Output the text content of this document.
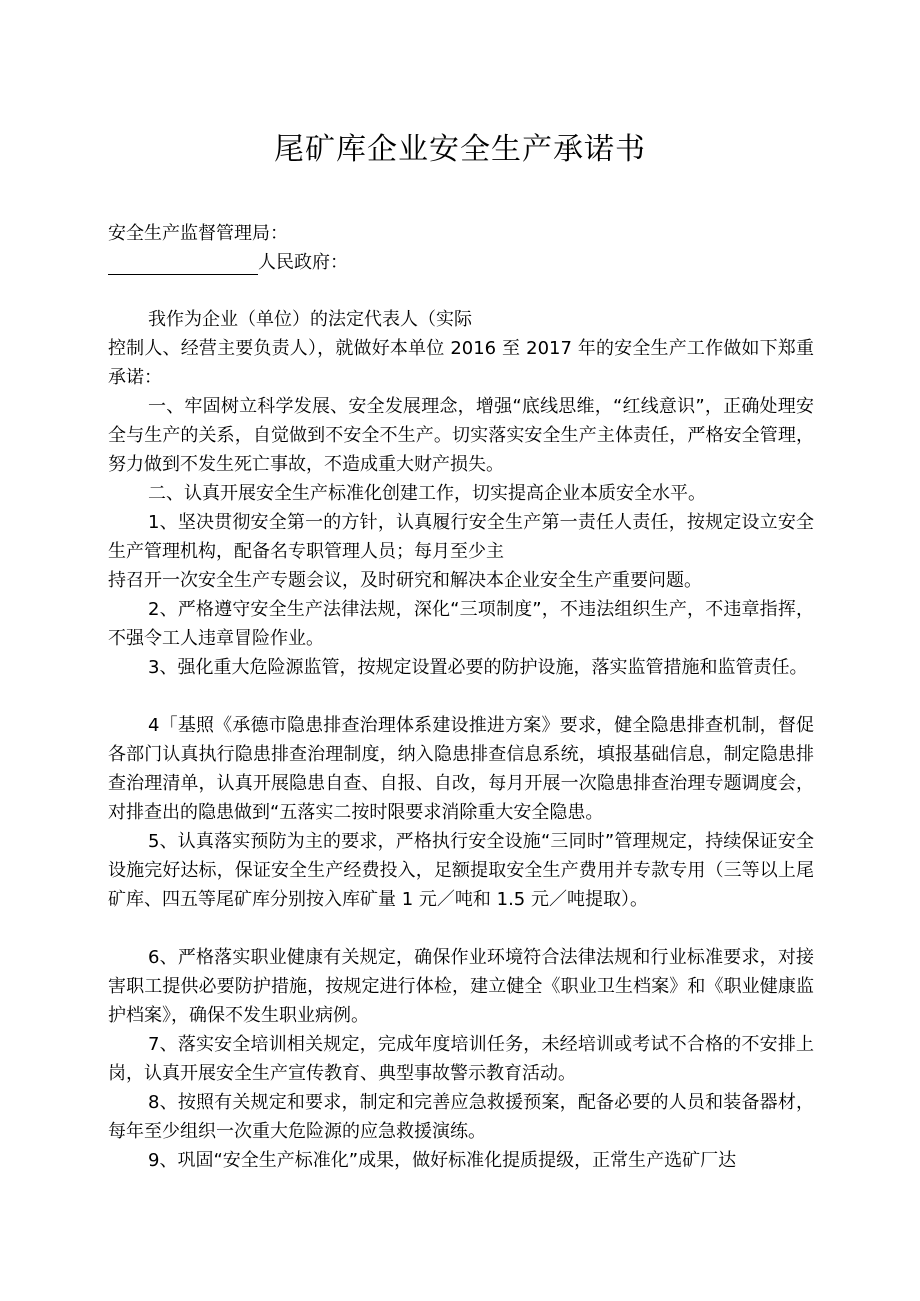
尾矿库企业安全生产承诺书
安全生产监督管理局：
人民政府：
我作为企业（单位）的法定代表人（实际
控制人、经营主要负责人），就做好本单位 2016 至 2017 年的安全生产工作做如下郑重承诺：
一、牢固树立科学发展、安全发展理念，增强“底线思维，“红线意识”，正确处理安全与生产的关系，自觉做到不安全不生产。切实落实安全生产主体责任，严格安全管理，努力做到不发生死亡事故，不造成重大财产损失。
二、认真开展安全生产标准化创建工作，切实提高企业本质安全水平。
1、坚决贯彻安全第一的方针，认真履行安全生产第一责任人责任，按规定设立安全生产管理机构，配备名专职管理人员；每月至少主
持召开一次安全生产专题会议，及时研究和解决本企业安全生产重要问题。
2、严格遵守安全生产法律法规，深化“三项制度”，不违法组织生产，不违章指挥，不强令工人违章冒险作业。
3、强化重大危险源监管，按规定设置必要的防护设施，落实监管措施和监管责任。
4「基照《承德市隐患排查治理体系建设推进方案》要求，健全隐患排查机制，督促各部门认真执行隐患排查治理制度，纳入隐患排查信息系统，填报基础信息，制定隐患排查治理清单，认真开展隐患自查、自报、自改，每月开展一次隐患排查治理专题调度会，对排查出的隐患做到“五落实二按时限要求消除重大安全隐患。
5、认真落实预防为主的要求，严格执行安全设施“三同时”管理规定，持续保证安全设施完好达标，保证安全生产经费投入，足额提取安全生产费用并专款专用（三等以上尾矿库、四五等尾矿库分别按入库矿量 1 元／吨和 1.5 元／吨提取）。
6、严格落实职业健康有关规定，确保作业环境符合法律法规和行业标准要求，对接害职工提供必要防护措施，按规定进行体检，建立健全《职业卫生档案》和《职业健康监护档案》，确保不发生职业病例。
7、落实安全培训相关规定，完成年度培训任务，未经培训或考试不合格的不安排上岗，认真开展安全生产宣传教育、典型事故警示教育活动。
8、按照有关规定和要求，制定和完善应急救援预案，配备必要的人员和装备器材，每年至少组织一次重大危险源的应急救援演练。
9、巩固“安全生产标准化”成果，做好标准化提质提级，正常生产选矿厂达
